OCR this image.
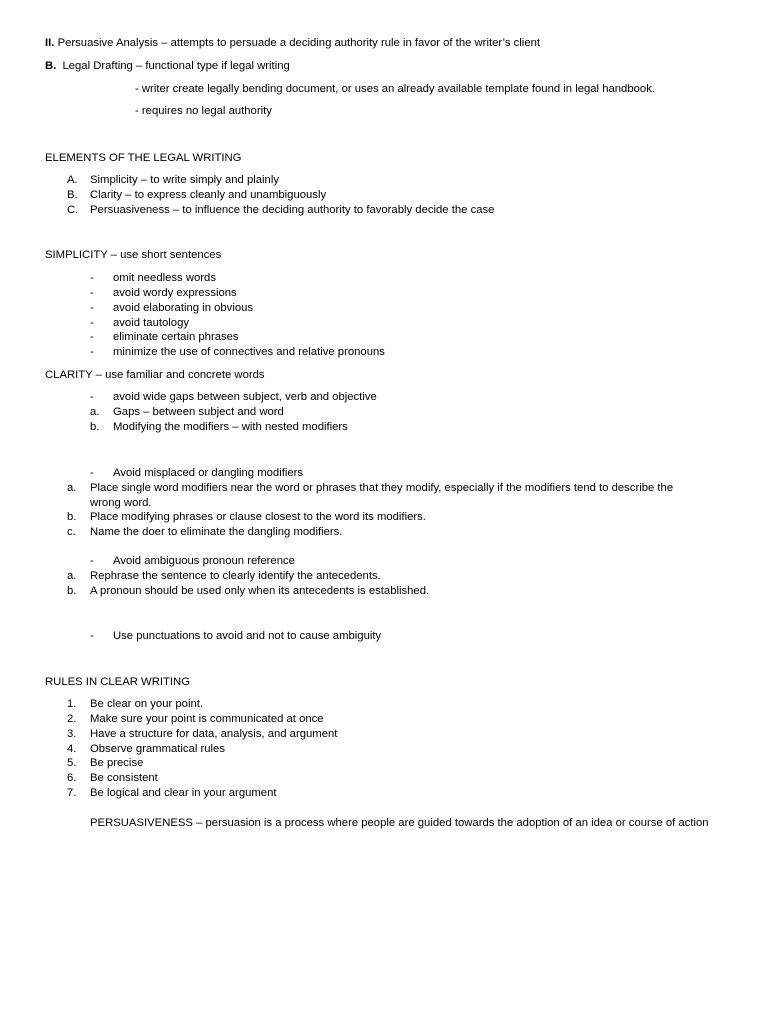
II. Persuasive Analysis – attempts to persuade a deciding authority rule in favor of the writer’s client
B. Legal Drafting – functional type if legal writing
- writer create legally bending document, or uses an already available template found in legal handbook.
- requires no legal authority
ELEMENTS OF THE LEGAL WRITING
A. Simplicity – to write simply and plainly
B. Clarity – to express cleanly and unambiguously
C. Persuasiveness – to influence the deciding authority to favorably decide the case
SIMPLICITY – use short sentences
- omit needless words
- avoid wordy expressions
- avoid elaborating in obvious
- avoid tautology
- eliminate certain phrases
- minimize the use of connectives and relative pronouns
CLARITY – use familiar and concrete words
- avoid wide gaps between subject, verb and objective
a. Gaps – between subject and word
b. Modifying the modifiers – with nested modifiers
- Avoid misplaced or dangling modifiers
a. Place single word modifiers near the word or phrases that they modify, especially if the modifiers tend to describe the wrong word.
b. Place modifying phrases or clause closest to the word its modifiers.
c. Name the doer to eliminate the dangling modifiers.
- Avoid ambiguous pronoun reference
a. Rephrase the sentence to clearly identify the antecedents.
b. A pronoun should be used only when its antecedents is established.
- Use punctuations to avoid and not to cause ambiguity
RULES IN CLEAR WRITING
1. Be clear on your point.
2. Make sure your point is communicated at once
3. Have a structure for data, analysis, and argument
4. Observe grammatical rules
5. Be precise
6. Be consistent
7. Be logical and clear in your argument
PERSUASIVENESS – persuasion is a process where people are guided towards the adoption of an idea or course of action
